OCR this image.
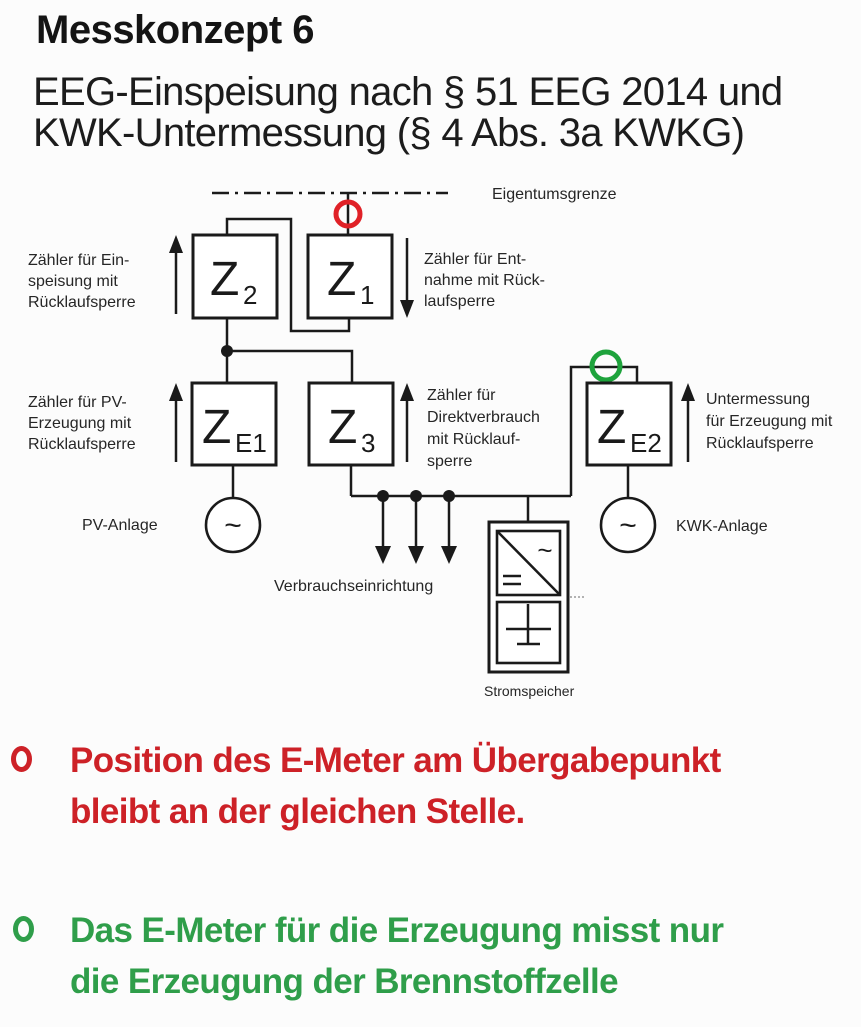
Messkonzept 6
EEG-Einspeisung nach § 51 EEG 2014 und
KWK-Untermessung (§ 4 Abs. 3a KWKG)
Eigentumsgrenze
Z 2 Z 1
Z E1 Z 3
~
~
Z E2
~
Zähler für Ein-
speisung mit
Rücklaufsperre
Zähler für Ent-
nahme mit Rück-
laufsperre
Zähler für PV-
Erzeugung mit
Rücklaufsperre
Zähler für
Direktverbrauch
mit Rücklauf-
sperre
Untermessung
für Erzeugung mit
Rücklaufsperre
PV-Anlage	KWK-Anlage
Verbrauchseinrichtung
Stromspeicher
Position des E-Meter am Übergabepunkt
bleibt an der gleichen Stelle.
Das E-Meter für die Erzeugung misst nur
die Erzeugung der Brennstoffzelle
